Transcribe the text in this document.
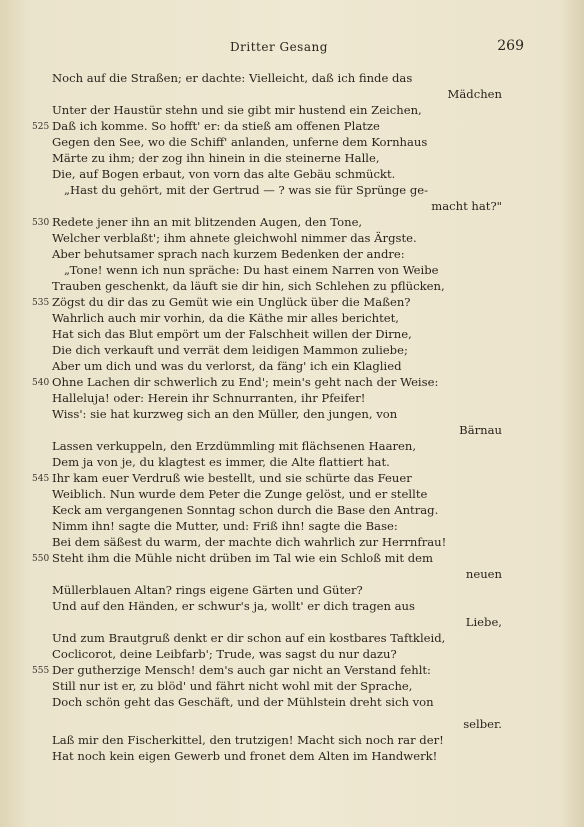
Dritter Gesang	269
Noch auf die Straßen; er dachte: Vielleicht, daß ich finde das
Mädchen
Unter der Haustür stehn und sie gibt mir hustend ein Zeichen,
525 Daß ich komme. So hofft' er: da stieß am offenen Platze
Gegen den See, wo die Schiff' anlanden, unferne dem Kornhaus
Märte zu ihm; der zog ihn hinein in die steinerne Halle,
Die, auf Bogen erbaut, von vorn das alte Gebäu schmückt.
„Hast du gehört, mit der Gertrud — ? was sie für Sprünge ge-
macht hat?"
530 Redete jener ihn an mit blitzenden Augen, den Tone,
Welcher verblaßt'; ihm ahnete gleichwohl nimmer das Ärgste.
Aber behutsamer sprach nach kurzem Bedenken der andre:
„Tone! wenn ich nun spräche: Du hast einem Narren von Weibe
Trauben geschenkt, da läuft sie dir hin, sich Schlehen zu pflücken,
535 Zögst du dir das zu Gemüt wie ein Unglück über die Maßen?
Wahrlich auch mir vorhin, da die Käthe mir alles berichtet,
Hat sich das Blut empört um der Falschheit willen der Dirne,
Die dich verkauft und verrät dem leidigen Mammon zuliebe;
Aber um dich und was du verlorst, da fäng' ich ein Klaglied
540 Ohne Lachen dir schwerlich zu End'; mein's geht nach der Weise:
Halleluja! oder: Herein ihr Schnurranten, ihr Pfeifer!
Wiss': sie hat kurzweg sich an den Müller, den jungen, von
Bärnau
Lassen verkuppeln, den Erzdümmling mit flächsenen Haaren,
Dem ja von je, du klagtest es immer, die Alte flattiert hat.
545 Ihr kam euer Verdruß wie bestellt, und sie schürte das Feuer
Weiblich. Nun wurde dem Peter die Zunge gelöst, und er stellte
Keck am vergangenen Sonntag schon durch die Base den Antrag.
Nimm ihn! sagte die Mutter, und: Friß ihn! sagte die Base:
Bei dem säßest du warm, der machte dich wahrlich zur Herrnfrau!
550 Steht ihm die Mühle nicht drüben im Tal wie ein Schloß mit dem
neuen
Müllerblauen Altan? rings eigene Gärten und Güter?
Und auf den Händen, er schwur's ja, wollt' er dich tragen aus
Liebe,
Und zum Brautgruß denkt er dir schon auf ein kostbares Taftkleid,
Coclicorot, deine Leibfarb'; Trude, was sagst du nur dazu?
555 Der gutherzige Mensch! dem's auch gar nicht an Verstand fehlt:
Still nur ist er, zu blöd' und fährt nicht wohl mit der Sprache,
Doch schön geht das Geschäft, und der Mühlstein dreht sich von
selber.
Laß mir den Fischerkittel, den trutzigen! Macht sich noch rar der!
Hat noch kein eigen Gewerb und fronet dem Alten im Handwerk!
